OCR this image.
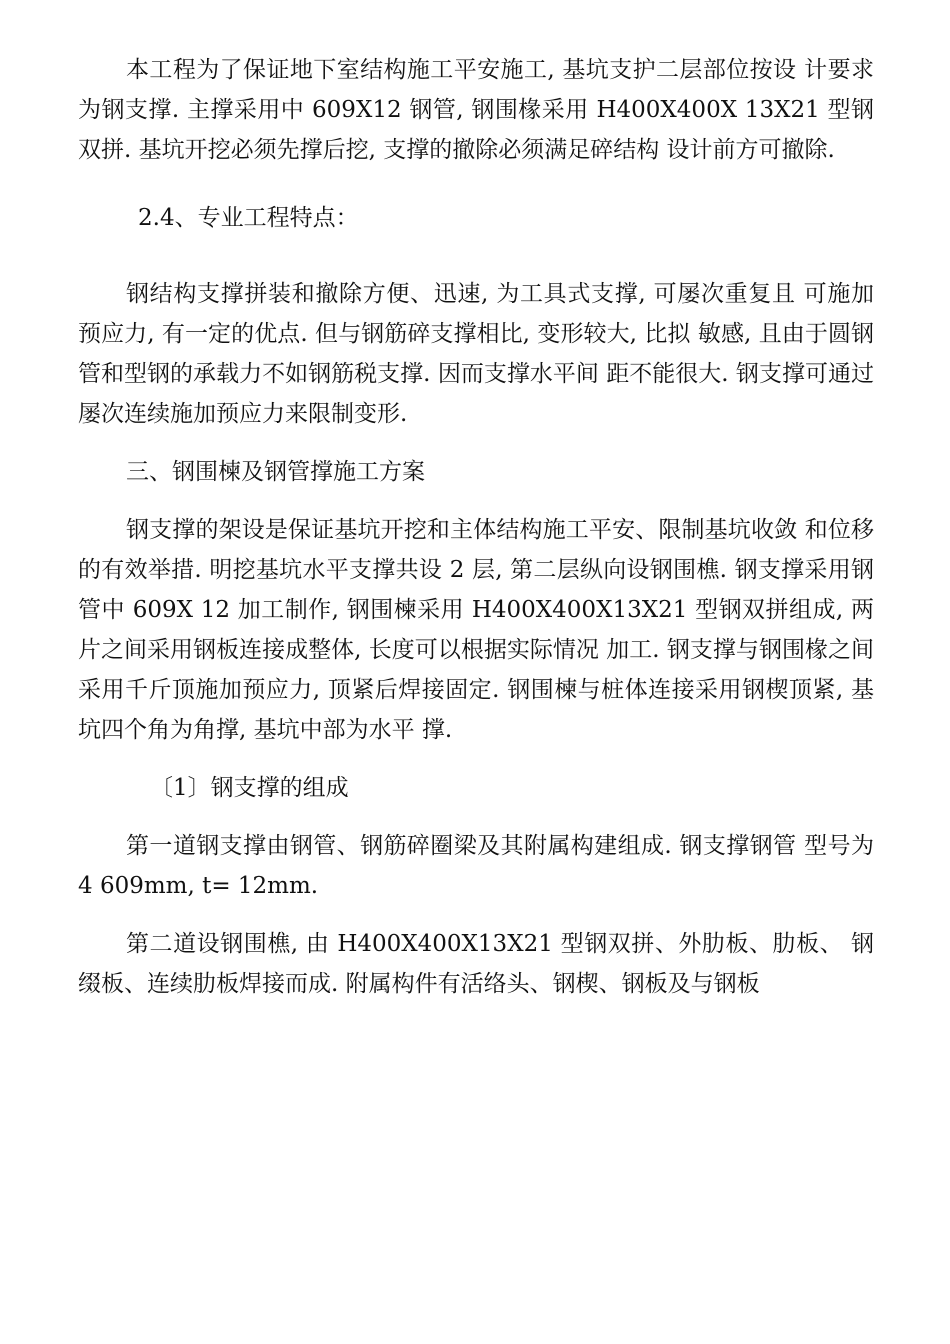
本工程为了保证地下室结构施工平安施工, 基坑支护二层部位按设 计要求为钢支撑. 主撑采用中 609X12 钢管, 钢围椽采用 H400X400X 13X21 型钢双拼. 基坑开挖必须先撑后挖, 支撑的撤除必须满足碎结构 设计前方可撤除.

2.4、专业工程特点：

钢结构支撑拼装和撤除方便、迅速, 为工具式支撑, 可屡次重复且 可施加预应力, 有一定的优点. 但与钢筋碎支撑相比, 变形较大, 比拟 敏感, 且由于圆钢管和型钢的承载力不如钢筋税支撑. 因而支撑水平间 距不能很大. 钢支撑可通过屡次连续施加预应力来限制变形.

三、钢围楝及钢管撑施工方案

钢支撑的架设是保证基坑开挖和主体结构施工平安、限制基坑收敛 和位移的有效举措. 明挖基坑水平支撑共设 2 层, 第二层纵向设钢围樵. 钢支撑采用钢管中 609X 12 加工制作, 钢围楝采用 H400X400X13X21 型钢双拼组成, 两片之间采用钢板连接成整体, 长度可以根据实际情况 加工. 钢支撑与钢围椽之间采用千斤顶施加预应力, 顶紧后焊接固定. 钢围楝与桩体连接采用钢楔顶紧, 基坑四个角为角撑, 基坑中部为水平 撑.

〔1〕钢支撑的组成

第一道钢支撑由钢管、钢筋碎圈梁及其附属构建组成. 钢支撑钢管 型号为 4 609mm, t= 12mm.

第二道设钢围樵, 由 H400X400X13X21 型钢双拼、外肋板、肋板、 钢缀板、连续肋板焊接而成. 附属构件有活络头、钢楔、钢板及与钢板
